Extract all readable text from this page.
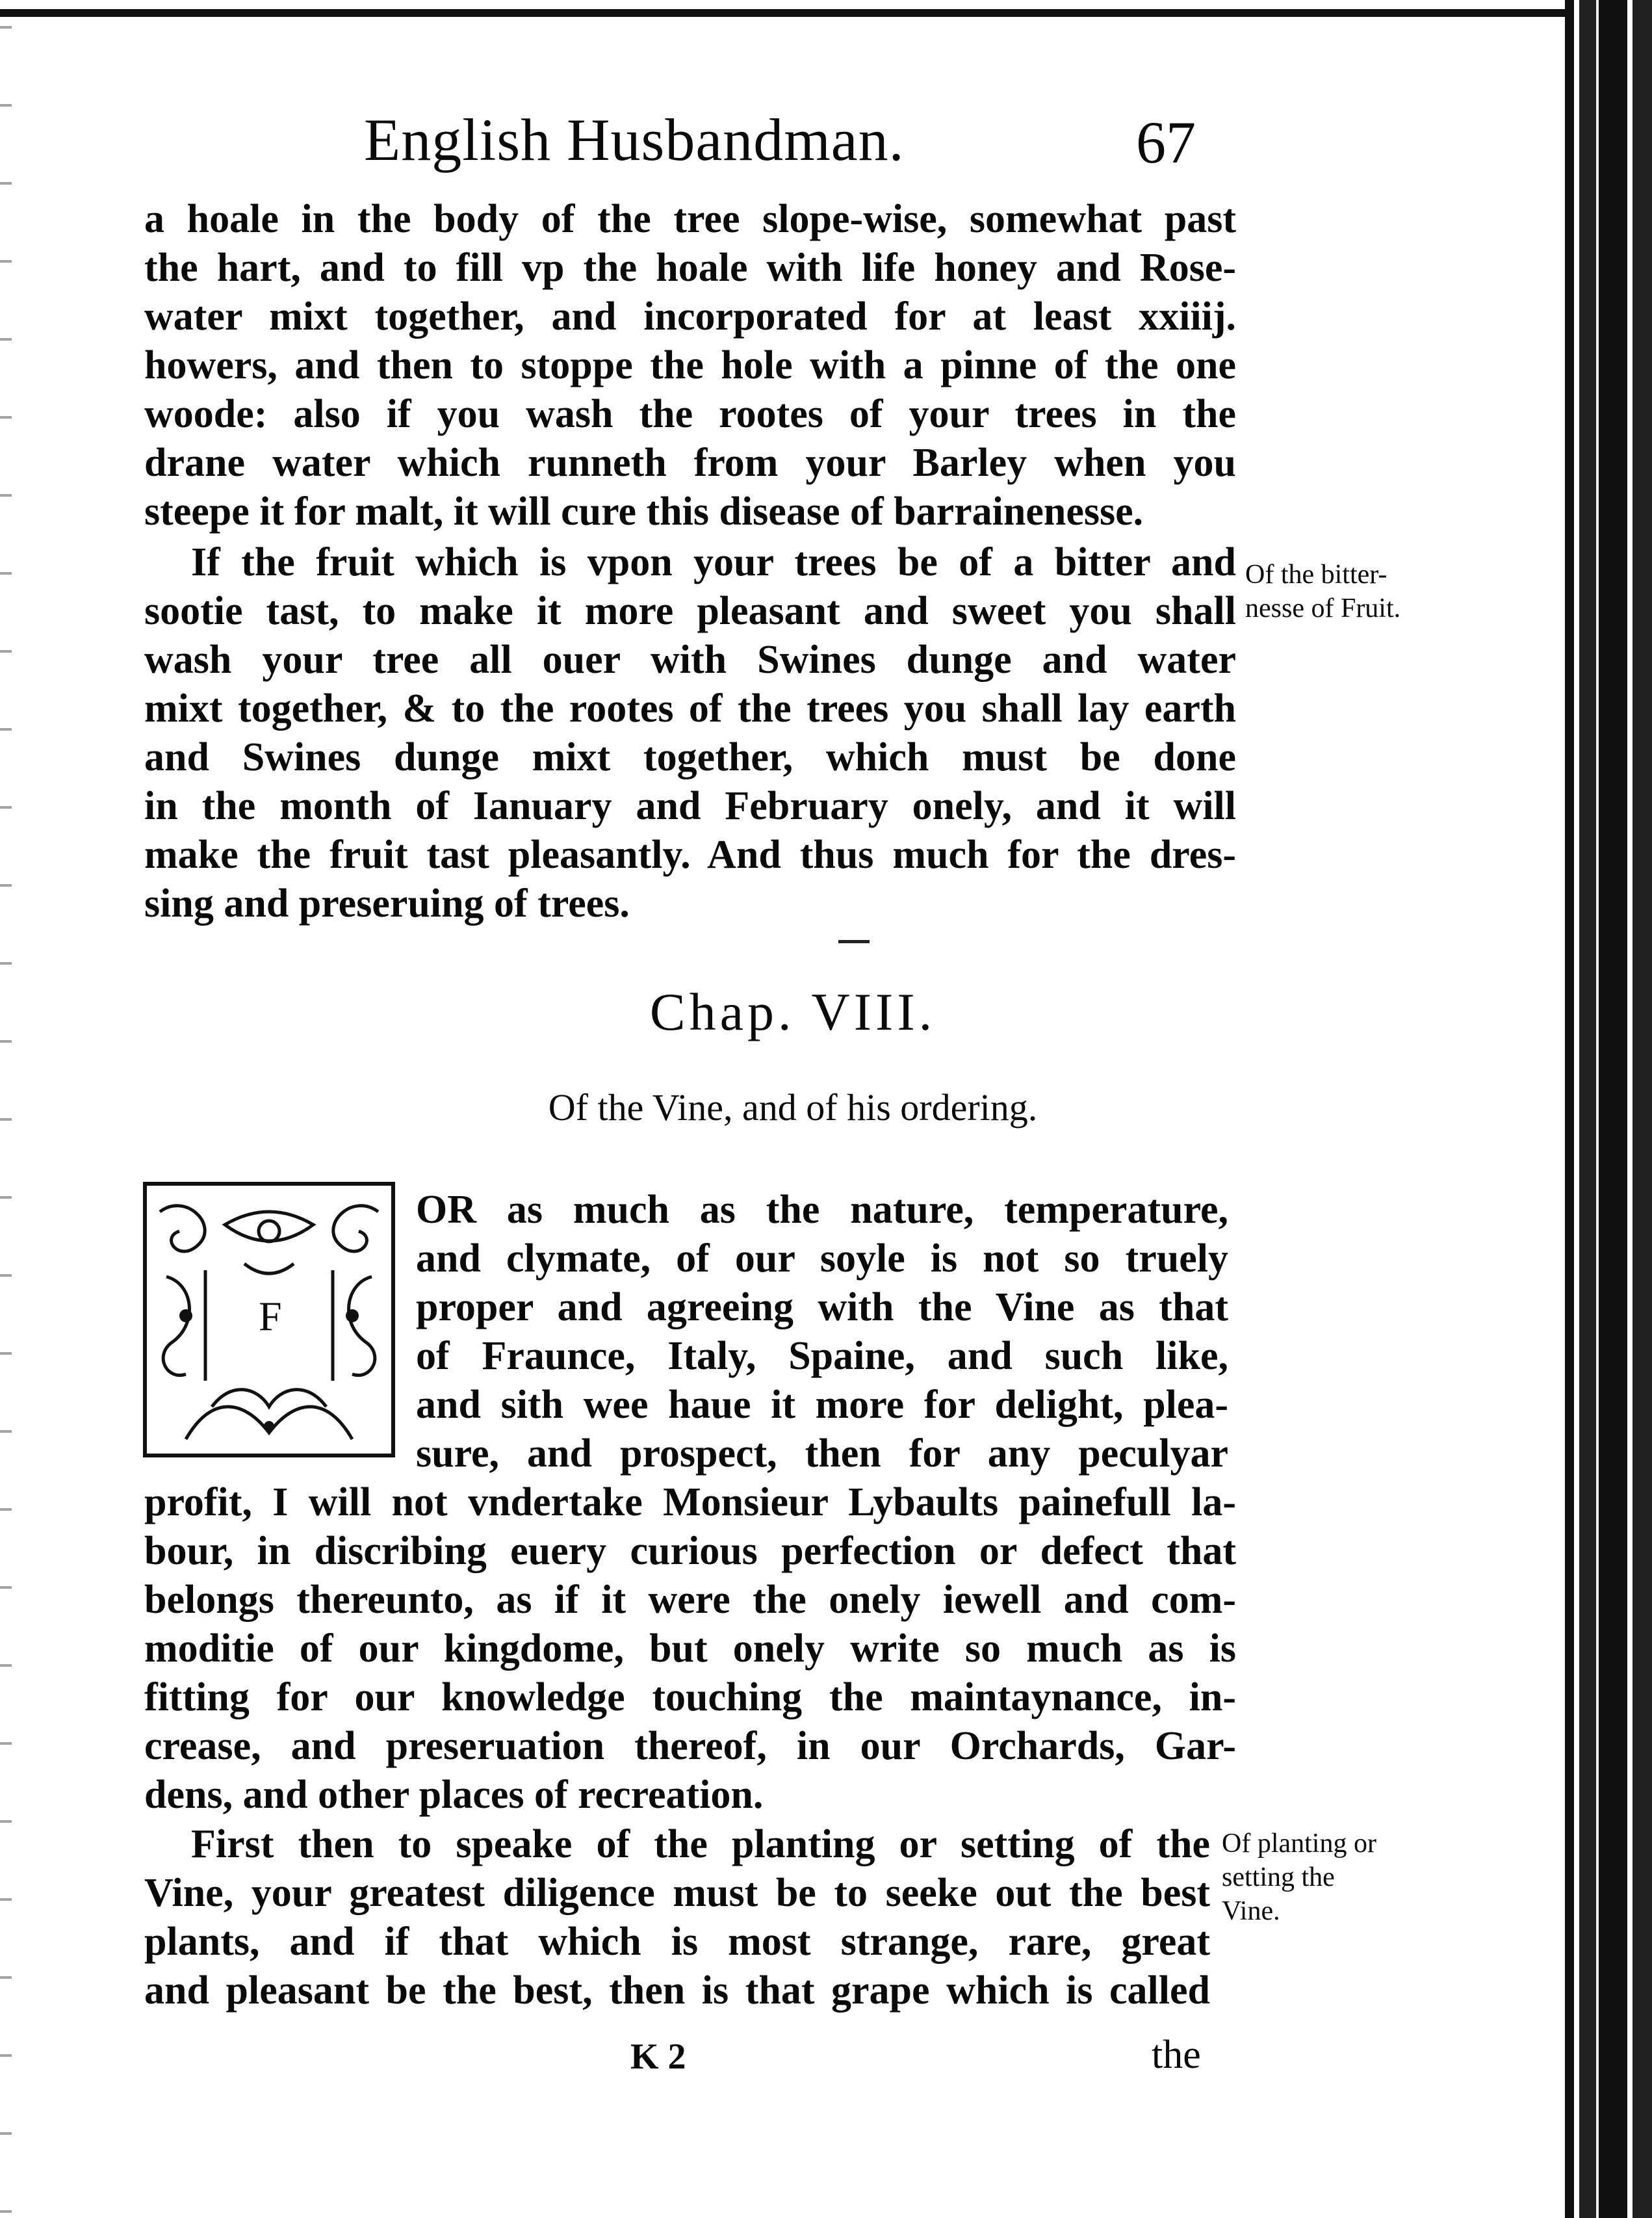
English Husbandman.	67
a hoale in the body of the tree slope-wise, somewhat past
the hart, and to fill vp the hoale with life honey and Rose-
water mixt together, and incorporated for at least xxiiij.
howers, and then to stoppe the hole with a pinne of the one
woode: also if you wash the rootes of your trees in the
drane water which runneth from your Barley when you
steepe it for malt, it will cure this disease of barrainenesse.
If the fruit which is vpon your trees be of a bitter and
sootie tast, to make it more pleasant and sweet you shall
wash your tree all ouer with Swines dunge and water
mixt together, & to the rootes of the trees you shall lay earth
and Swines dunge mixt together, which must be done
in the month of Ianuary and February onely, and it will
make the fruit tast pleasantly. And thus much for the dres-
sing and preseruing of trees.
Of the bitter-
nesse of Fruit.
Chap. VIII.
Of the Vine, and of his ordering.
F
OR as much as the nature, temperature,
and clymate, of our soyle is not so truely
proper and agreeing with the Vine as that
of Fraunce, Italy, Spaine, and such like,
and sith wee haue it more for delight, plea-
sure, and prospect, then for any peculyar
profit, I will not vndertake Monsieur Lybaults painefull la-
bour, in discribing euery curious perfection or defect that
belongs thereunto, as if it were the onely iewell and com-
moditie of our kingdome, but onely write so much as is
fitting for our knowledge touching the maintaynance, in-
crease, and preseruation thereof, in our Orchards, Gar-
dens, and other places of recreation.
First then to speake of the planting or setting of the
Vine, your greatest diligence must be to seeke out the best
plants, and if that which is most strange, rare, great
and pleasant be the best, then is that grape which is called
Of planting or
setting the
Vine.
K 2	the
